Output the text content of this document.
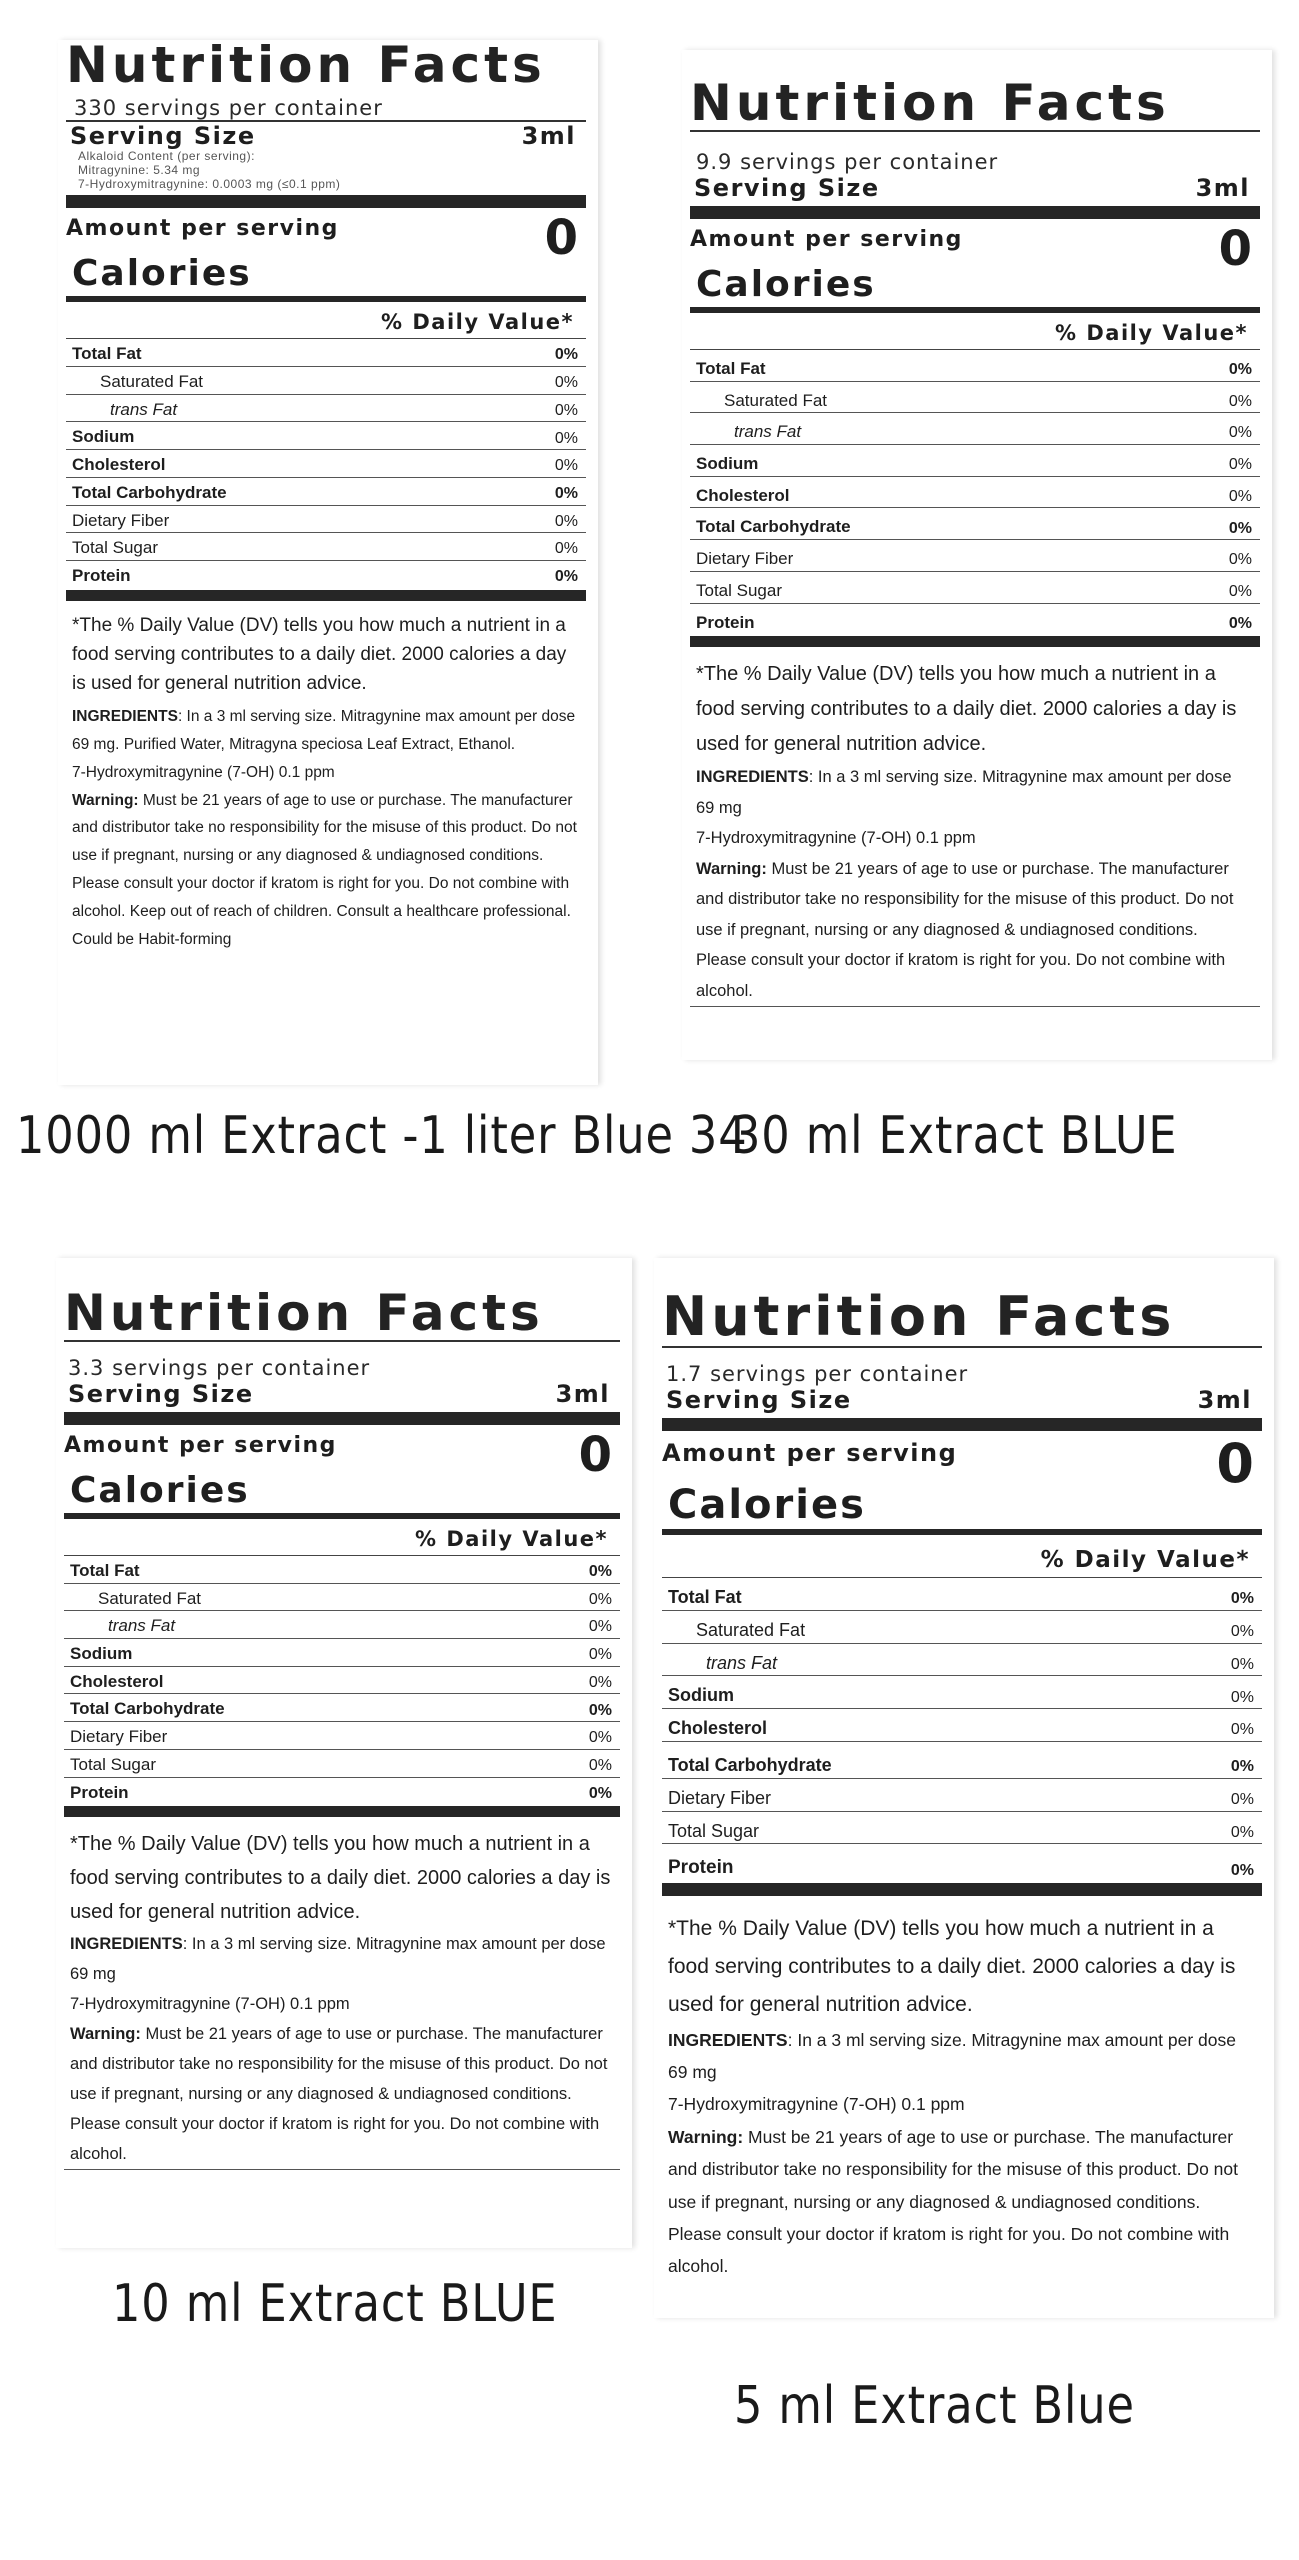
Nutrition Facts
330 servings per container
Serving Size	3ml
Alkaloid Content (per serving):
Mitragynine: 5.34 mg
7-Hydroxymitragynine: 0.0003 mg (≤0.1 ppm)
Amount per serving	0
Calories
% Daily Value*
Total Fat	0%
Saturated Fat	0%
trans Fat	0%
Sodium	0%
Cholesterol	0%
Total Carbohydrate	0%
Dietary Fiber	0%
Total Sugar	0%
Protein	0%
*The % Daily Value (DV) tells you how much a nutrient in a food serving contributes to a daily diet. 2000 calories a day is used for general nutrition advice.
INGREDIENTS: In a 3 ml serving size. Mitragynine max amount per dose 69 mg. Purified Water, Mitragyna speciosa Leaf Extract, Ethanol.
7-Hydroxymitragynine (7-OH) 0.1 ppm
Warning: Must be 21 years of age to use or purchase. The manufacturer and distributor take no responsibility for the misuse of this product. Do not use if pregnant, nursing or any diagnosed & undiagnosed conditions. Please consult your doctor if kratom is right for you. Do not combine with alcohol. Keep out of reach of children. Consult a healthcare professional. Could be Habit-forming
1000 ml Extract -1 liter Blue 34
Nutrition Facts
9.9 servings per container
Serving Size	3ml
Amount per serving	0
Calories
% Daily Value*
Total Fat	0%
Saturated Fat	0%
trans Fat	0%
Sodium	0%
Cholesterol	0%
Total Carbohydrate	0%
Dietary Fiber	0%
Total Sugar	0%
Protein	0%
*The % Daily Value (DV) tells you how much a nutrient in a food serving contributes to a daily diet. 2000 calories a day is used for general nutrition advice.
INGREDIENTS: In a 3 ml serving size. Mitragynine max amount per dose 69 mg
7-Hydroxymitragynine (7-OH) 0.1 ppm
Warning: Must be 21 years of age to use or purchase. The manufacturer and distributor take no responsibility for the misuse of this product. Do not use if pregnant, nursing or any diagnosed & undiagnosed conditions. Please consult your doctor if kratom is right for you. Do not combine with alcohol.
30 ml Extract BLUE
Nutrition Facts
3.3 servings per container
Serving Size	3ml
Amount per serving	0
Calories
% Daily Value*
Total Fat	0%
Saturated Fat	0%
trans Fat	0%
Sodium	0%
Cholesterol	0%
Total Carbohydrate	0%
Dietary Fiber	0%
Total Sugar	0%
Protein	0%
*The % Daily Value (DV) tells you how much a nutrient in a food serving contributes to a daily diet. 2000 calories a day is used for general nutrition advice.
INGREDIENTS: In a 3 ml serving size. Mitragynine max amount per dose 69 mg
7-Hydroxymitragynine (7-OH) 0.1 ppm
Warning: Must be 21 years of age to use or purchase. The manufacturer and distributor take no responsibility for the misuse of this product. Do not use if pregnant, nursing or any diagnosed & undiagnosed conditions. Please consult your doctor if kratom is right for you. Do not combine with alcohol.
10 ml Extract BLUE
Nutrition Facts
1.7 servings per container
Serving Size	3ml
Amount per serving	0
Calories
% Daily Value*
Total Fat	0%
Saturated Fat	0%
trans Fat	0%
Sodium	0%
Cholesterol	0%
Total Carbohydrate	0%
Dietary Fiber	0%
Total Sugar	0%
Protein	0%
*The % Daily Value (DV) tells you how much a nutrient in a food serving contributes to a daily diet. 2000 calories a day is used for general nutrition advice.
INGREDIENTS: In a 3 ml serving size. Mitragynine max amount per dose 69 mg
7-Hydroxymitragynine (7-OH) 0.1 ppm
Warning: Must be 21 years of age to use or purchase. The manufacturer and distributor take no responsibility for the misuse of this product. Do not use if pregnant, nursing or any diagnosed & undiagnosed conditions. Please consult your doctor if kratom is right for you. Do not combine with alcohol.
5 ml Extract Blue
